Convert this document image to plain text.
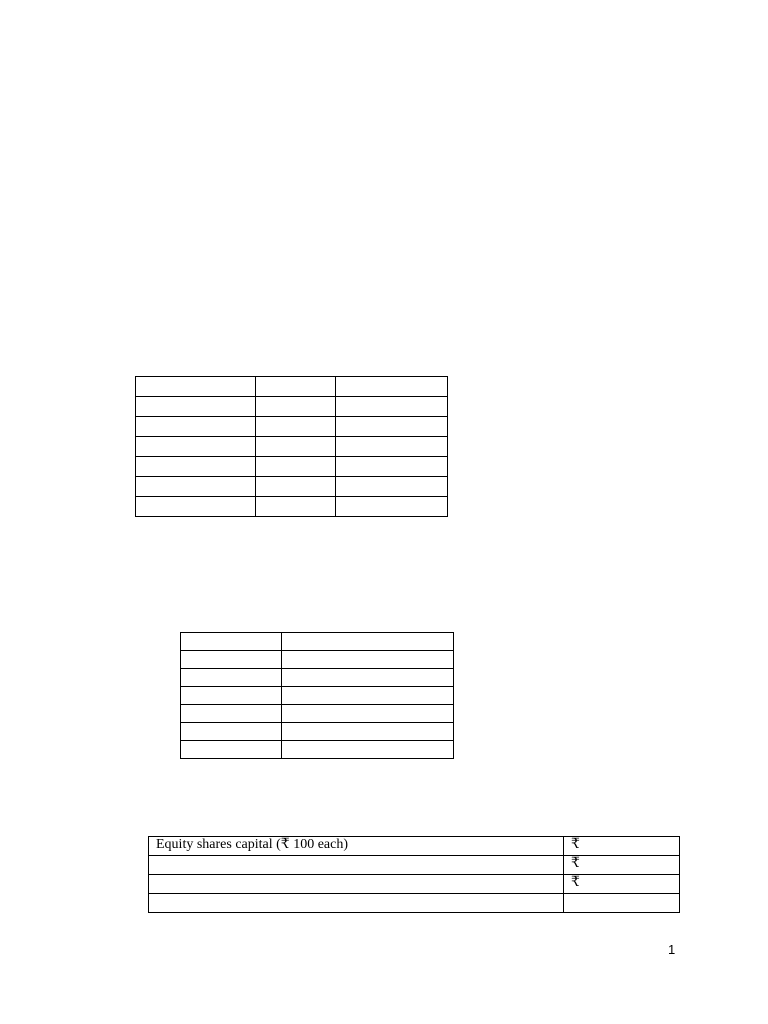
Equity shares capital (₹ 100 each)	₹
	₹
	₹

1
